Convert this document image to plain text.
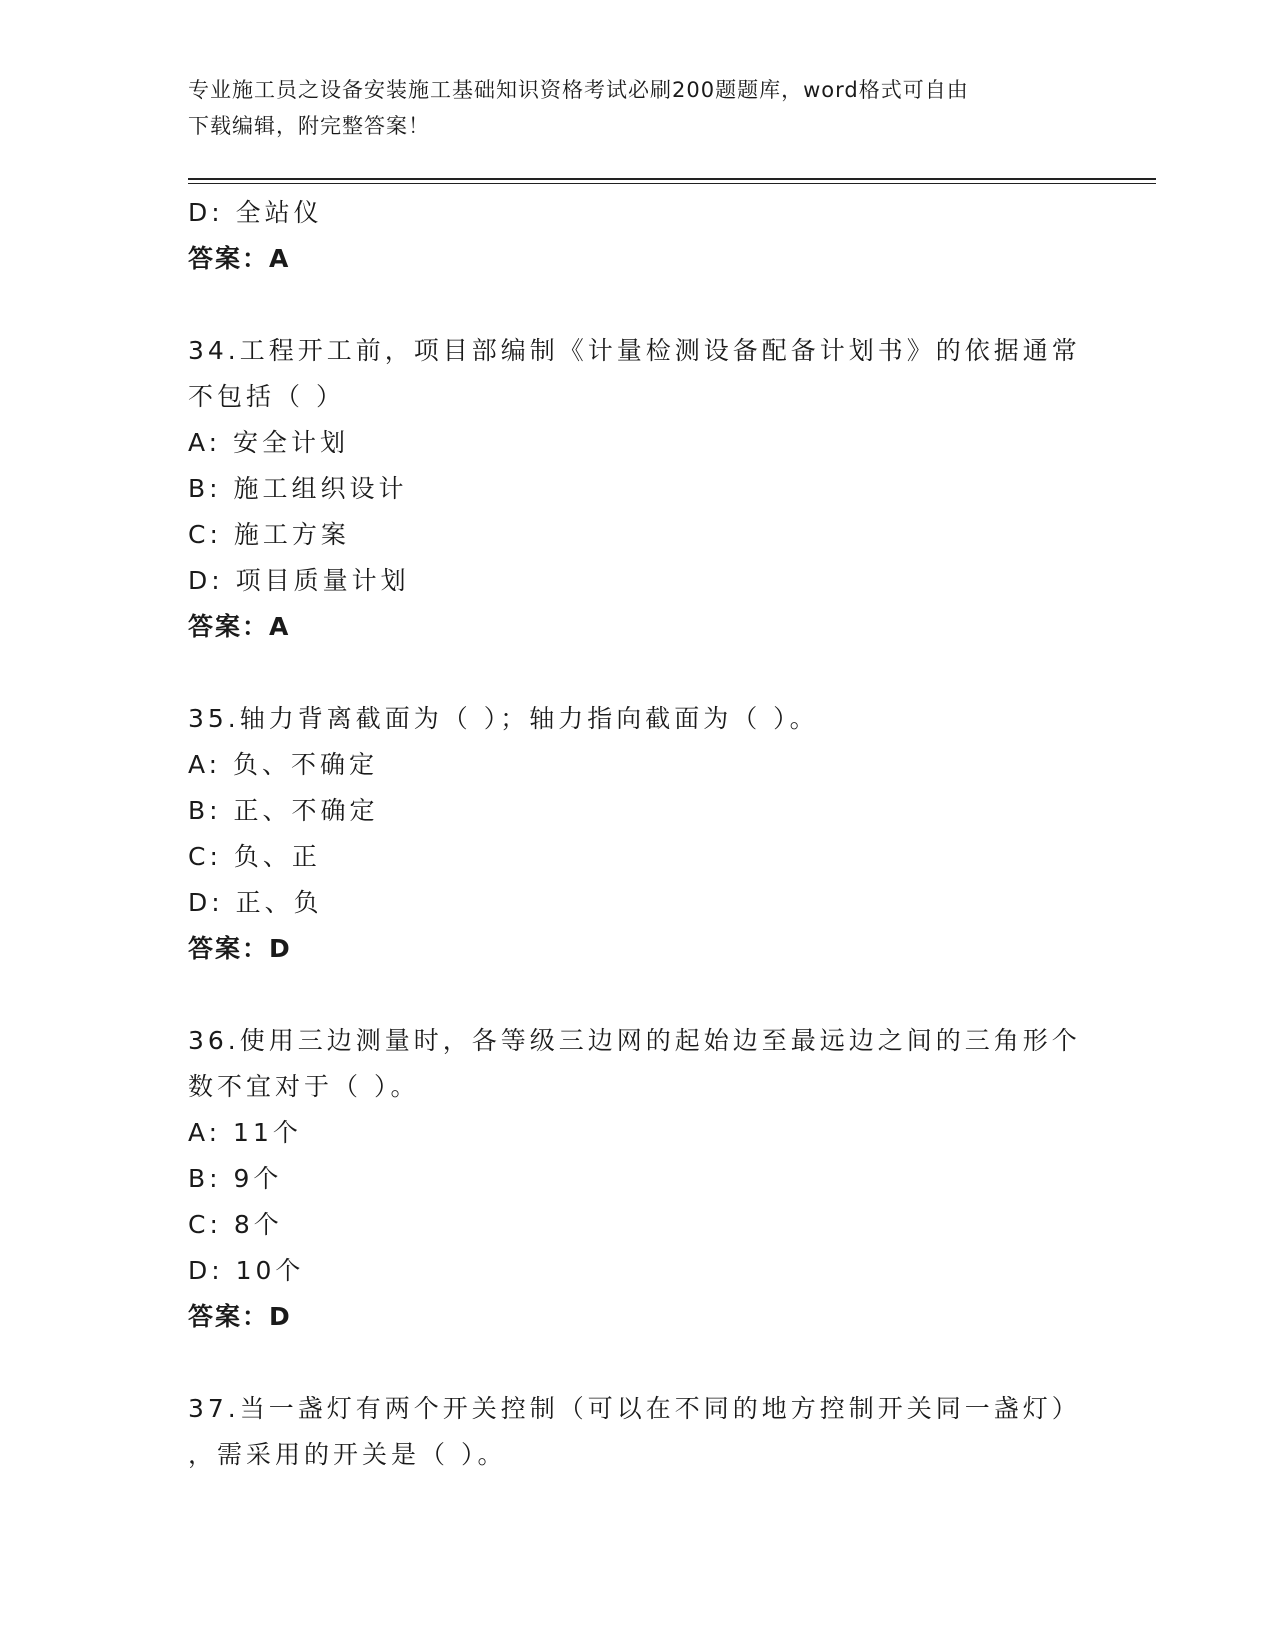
专业施工员之设备安装施工基础知识资格考试必刷200题题库，word格式可自由
下载编辑，附完整答案！
D: 全站仪
答案：A
34.工程开工前，项目部编制《计量检测设备配备计划书》的依据通常
不包括（ ）
A: 安全计划
B: 施工组织设计
C: 施工方案
D: 项目质量计划
答案：A
35.轴力背离截面为（ ）；轴力指向截面为（ ）。
A: 负、不确定
B: 正、不确定
C: 负、正
D: 正、负
答案：D
36.使用三边测量时，各等级三边网的起始边至最远边之间的三角形个
数不宜对于（ ）。
A: 11个
B: 9个
C: 8个
D: 10个
答案：D
37.当一盏灯有两个开关控制（可以在不同的地方控制开关同一盏灯）
，需采用的开关是（ ）。
